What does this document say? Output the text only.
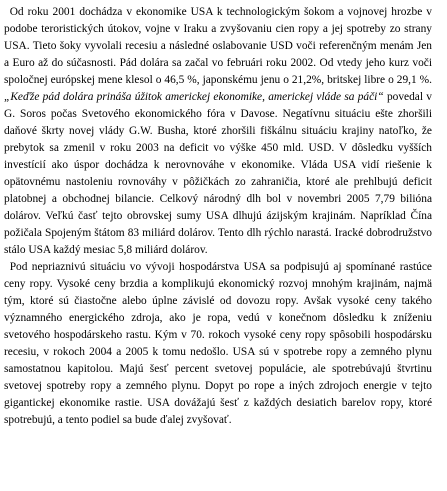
Od roku 2001 dochádza v ekonomike USA k technologickým šokom a vojnovej hrozbe v podobe teroristických útokov, vojne v Iraku a zvyšovaniu cien ropy a jej spotreby zo strany USA. Tieto šoky vyvolali recesiu a následné oslabovanie USD voči referenčným menám Jen a Euro až do súčasnosti. Pád dolára sa začal vo februári roku 2002. Od vtedy jeho kurz voči spoločnej európskej mene klesol o 46,5 %, japonskému jenu o 21,2%, britskej libre o 29,1 %. „Keďže pád dolára prináša úžitok americkej ekonomike, americkej vláde sa páči“ povedal v G. Soros počas Svetového ekonomického fóra v Davose. Negatívnu situáciu ešte zhoršili daňové škrty novej vlády G.W. Busha, ktoré zhoršili fiškálnu situáciu krajiny natoľko, že prebytok sa zmenil v roku 2003 na deficit vo výške 450 mld. USD. V dôsledku vyšších investícií ako úspor dochádza k nerovnováhe v ekonomike. Vláda USA vidí riešenie k opätovnému nastoleniu rovnováhy v pôžičkách zo zahraničia, ktoré ale prehlbujú deficit platobnej a obchodnej bilancie. Celkový národný dlh bol v novembri 2005 7,79 bilióna dolárov. Veľkú časť tejto obrovskej sumy USA dlhujú ázijským krajinám. Napríklad Čína požičala Spojeným štátom 83 miliárd dolárov. Tento dlh rýchlo narastá. Iracké dobrodružstvo stálo USA každý mesiac 5,8 miliárd dolárov.

Pod nepriaznivú situáciu vo vývoji hospodárstva USA sa podpisujú aj spomínané rastúce ceny ropy. Vysoké ceny brzdia a komplikujú ekonomický rozvoj mnohým krajinám, najmä tým, ktoré sú čiastočne alebo úplne závislé od dovozu ropy. Avšak vysoké ceny takého významného energického zdroja, ako je ropa, vedú v konečnom dôsledku k zníženiu svetového hospodárskeho rastu. Kým v 70. rokoch vysoké ceny ropy spôsobili hospodársku recesiu, v rokoch 2004 a 2005 k tomu nedošlo. USA sú v spotrebe ropy a zemného plynu samostatnou kapitolou. Majú šesť percent svetovej populácie, ale spotrebúvajú štvrtinu svetovej spotreby ropy a zemného plynu. Dopyt po rope a iných zdrojoch energie v tejto gigantickej ekonomike rastie. USA dovážajú šesť z každých desiatich barelov ropy, ktoré spotrebujú, a tento podiel sa bude ďalej zvyšovať.
